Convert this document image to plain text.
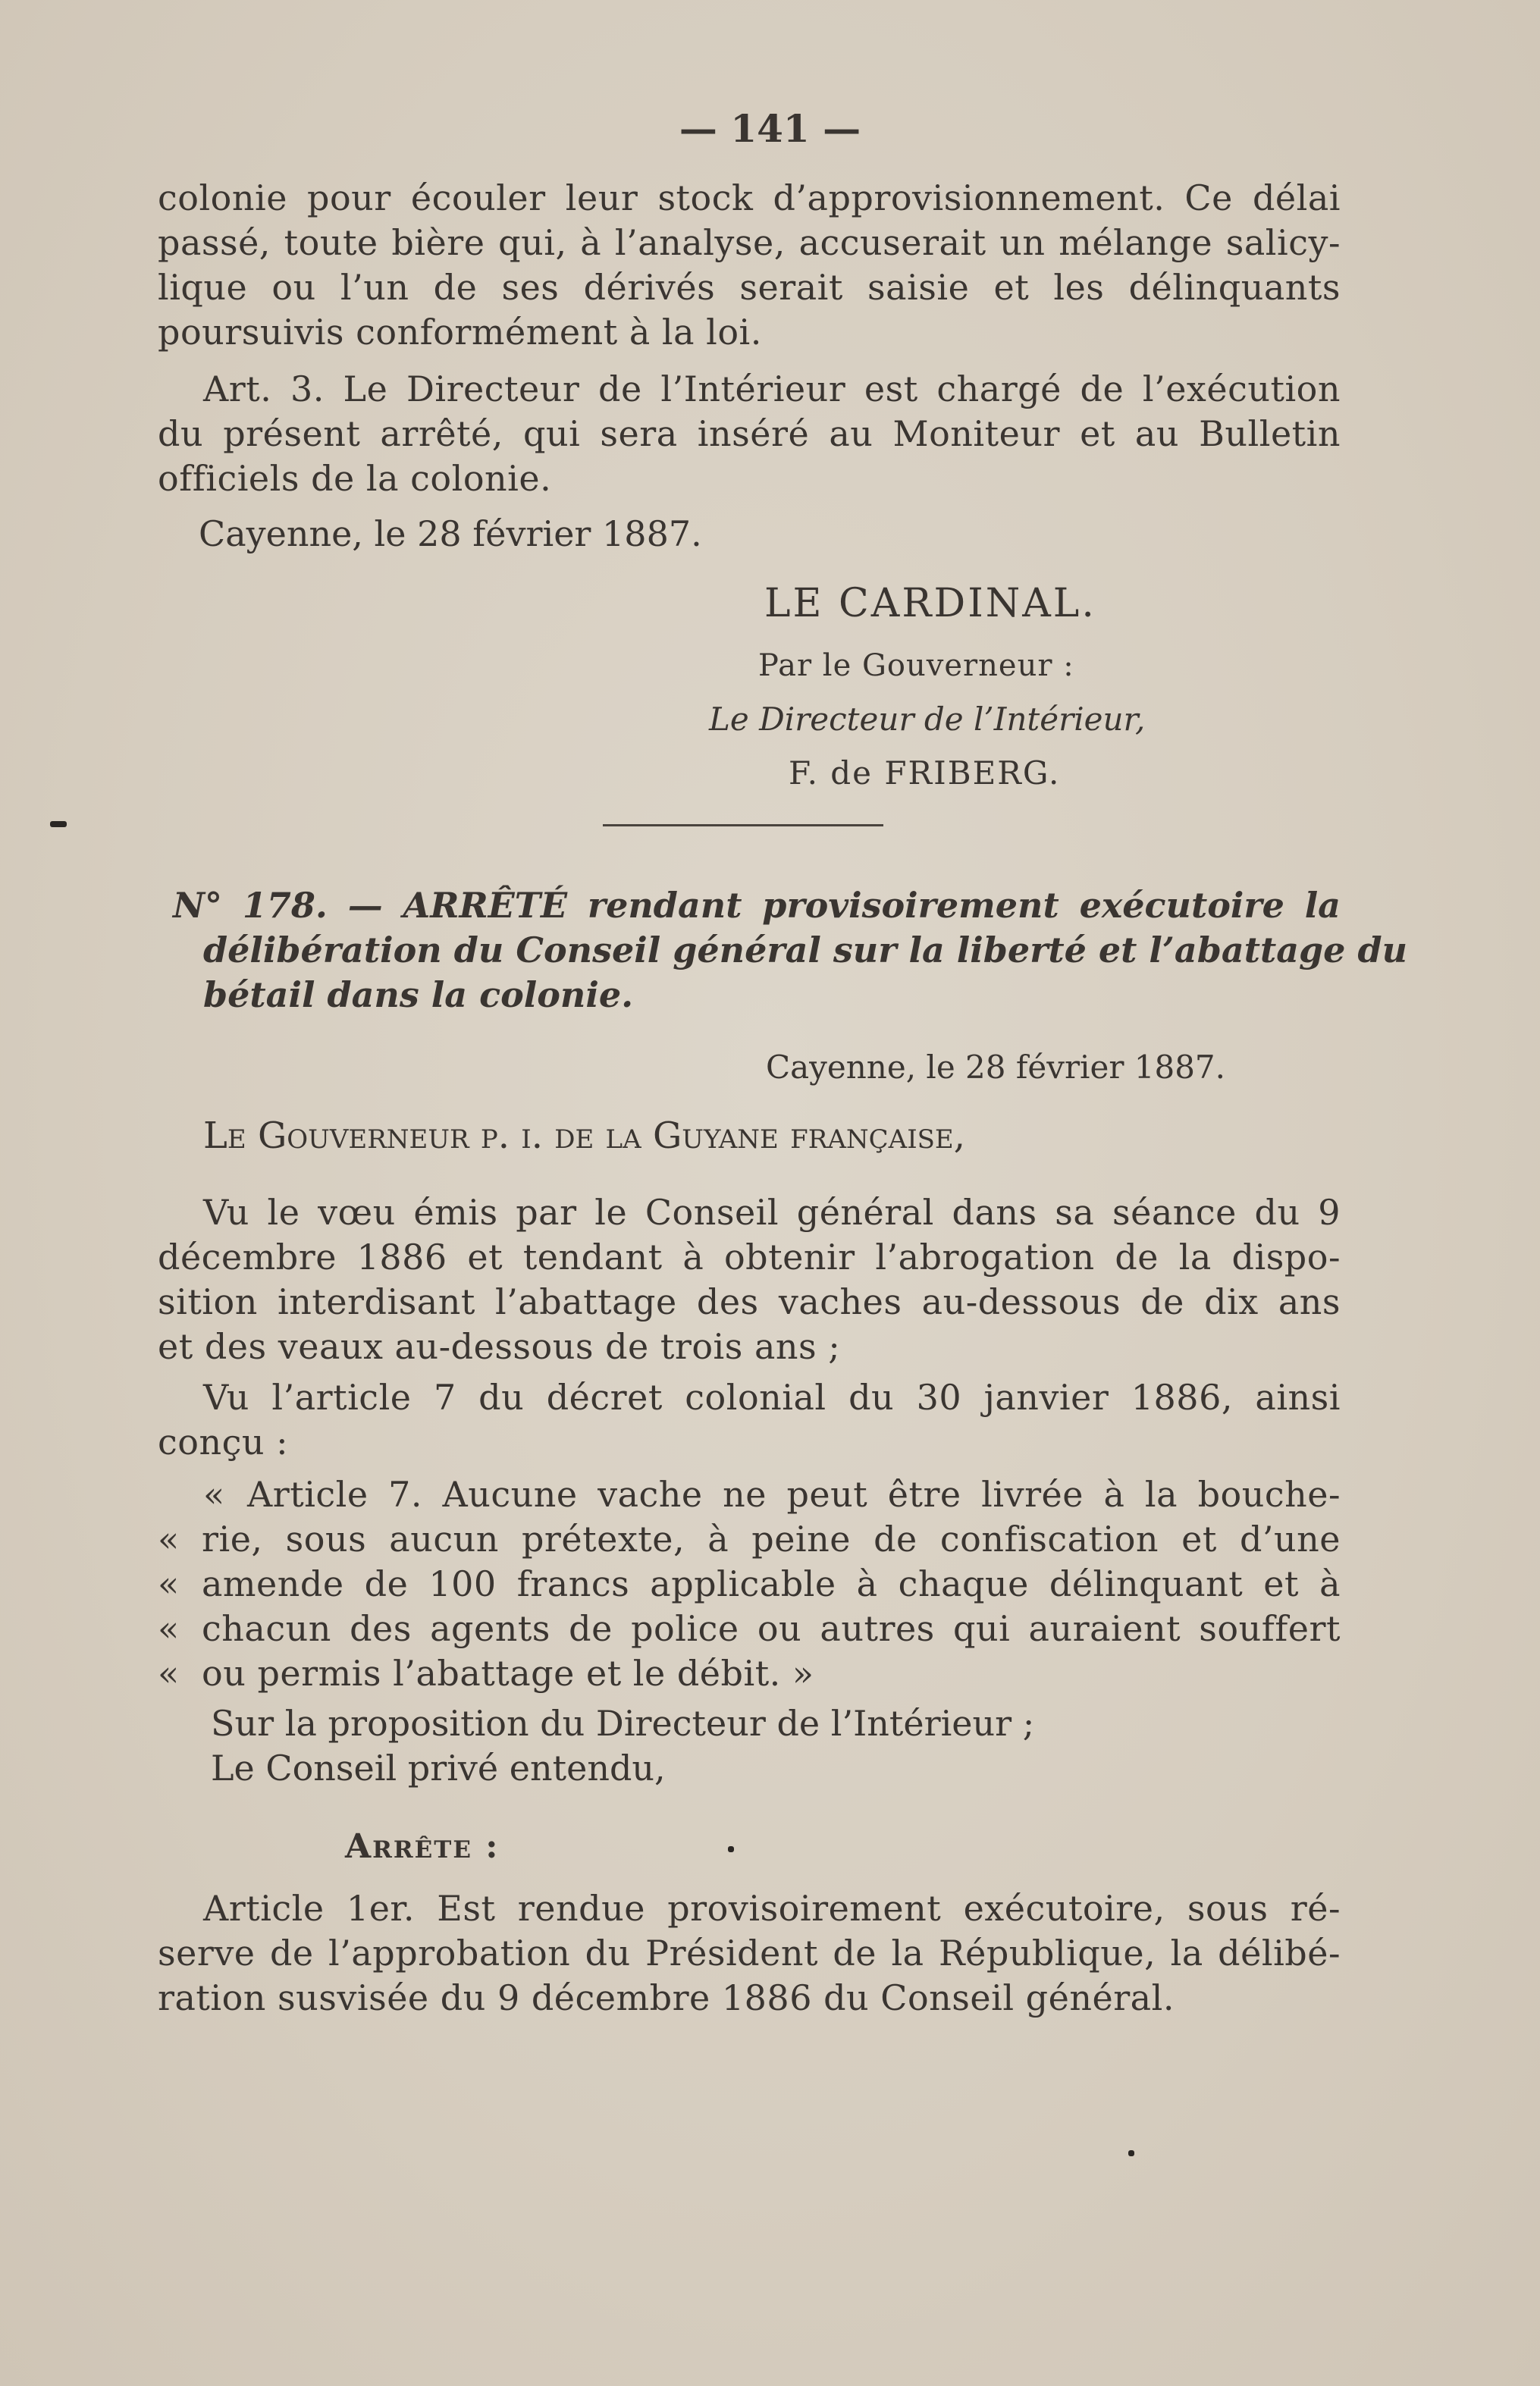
— 141 —
colonie pour écouler leur stock d’approvisionnement. Ce délai
passé, toute bière qui, à l’analyse, accuserait un mélange salicy-
lique ou l’un de ses dérivés serait saisie et les délinquants
poursuivis conformément à la loi.
Art. 3. Le Directeur de l’Intérieur est chargé de l’exécution
du présent arrêté, qui sera inséré au Moniteur et au Bulletin
officiels de la colonie.
Cayenne, le 28 février 1887.
LE CARDINAL.
Par le Gouverneur :
Le Directeur de l’Intérieur,
F. de FRIBERG.
N° 178. — ARRÊTÉ rendant provisoirement exécutoire la
délibération du Conseil général sur la liberté et l’abattage du
bétail dans la colonie.
Cayenne, le 28 février 1887.
Le Gouverneur p. i. de la Guyane française,
Vu le vœu émis par le Conseil général dans sa séance du 9
décembre 1886 et tendant à obtenir l’abrogation de la dispo-
sition interdisant l’abattage des vaches au-dessous de dix ans
et des veaux au-dessous de trois ans ;
Vu l’article 7 du décret colonial du 30 janvier 1886, ainsi
conçu :
« Article 7. Aucune vache ne peut être livrée à la bouche-
« rie, sous aucun prétexte, à peine de confiscation et d’une
« amende de 100 francs applicable à chaque délinquant et à
« chacun des agents de police ou autres qui auraient souffert
« ou permis l’abattage et le débit. »
Sur la proposition du Directeur de l’Intérieur ;
Le Conseil privé entendu,
Arrête :
Article 1er. Est rendue provisoirement exécutoire, sous ré-
serve de l’approbation du Président de la République, la délibé-
ration susvisée du 9 décembre 1886 du Conseil général.
